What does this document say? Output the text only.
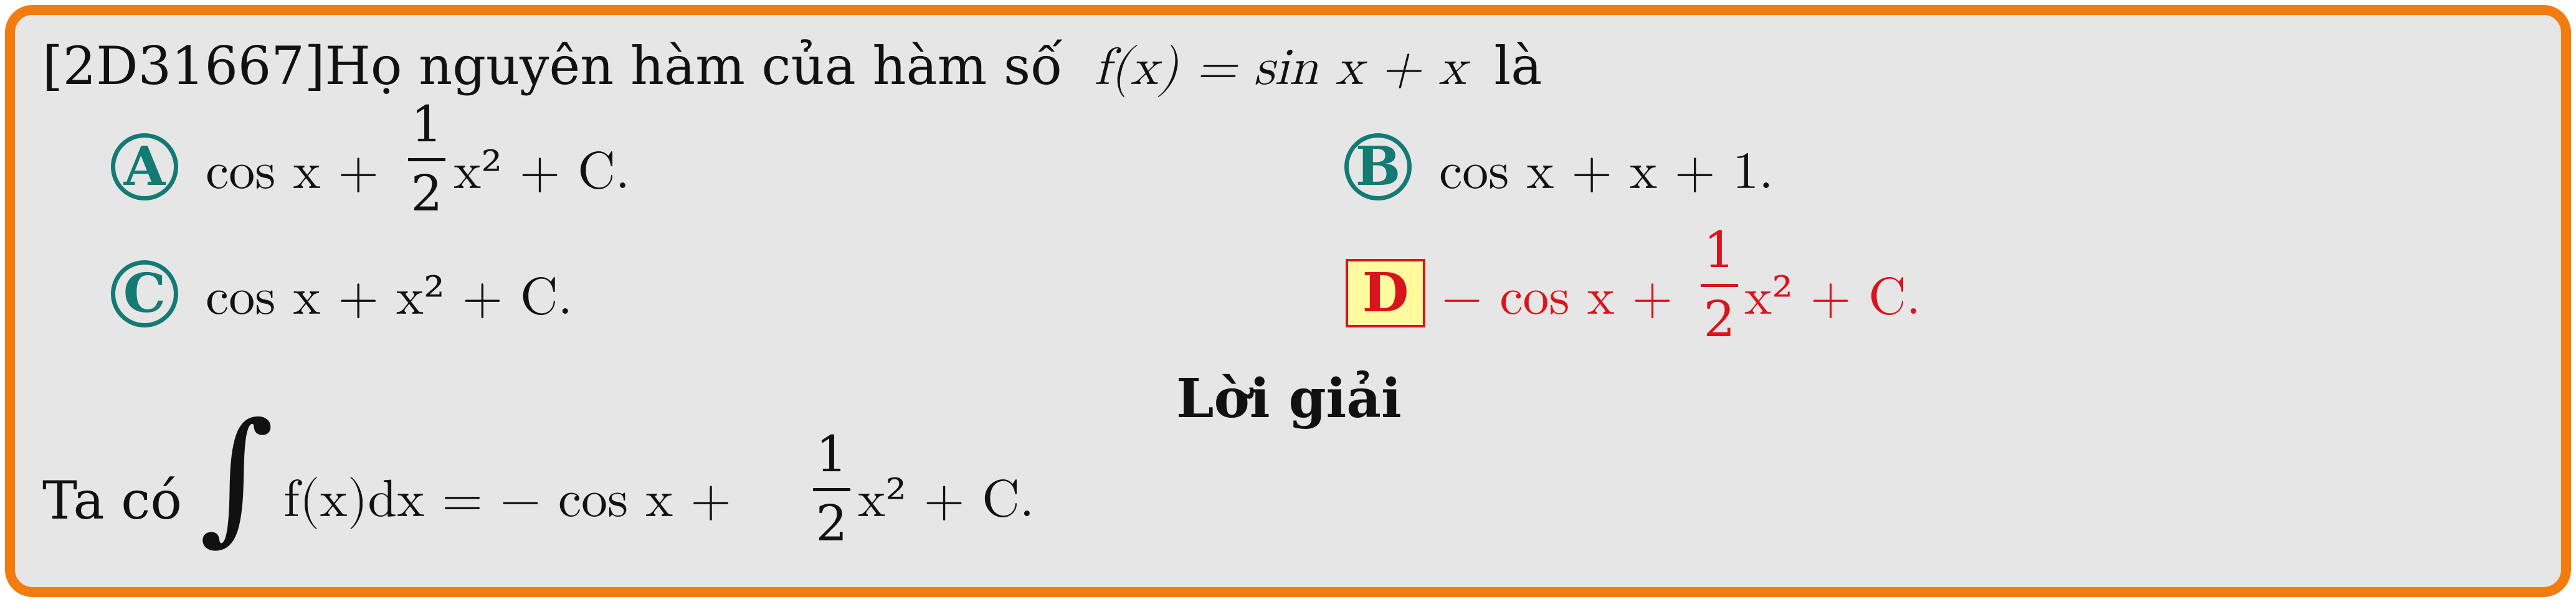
[2D31667]Họ nguyên hàm của hàm số f(x) = sin x + x là
A cos x +
1
2 x² + C.	B cos x + x + 1.
C cos x + x² + C.	D − cos x +
1
2 x² + C.
Lời giải
Ta có ∫ f(x)dx = − cos x +
1
2 x² + C.
